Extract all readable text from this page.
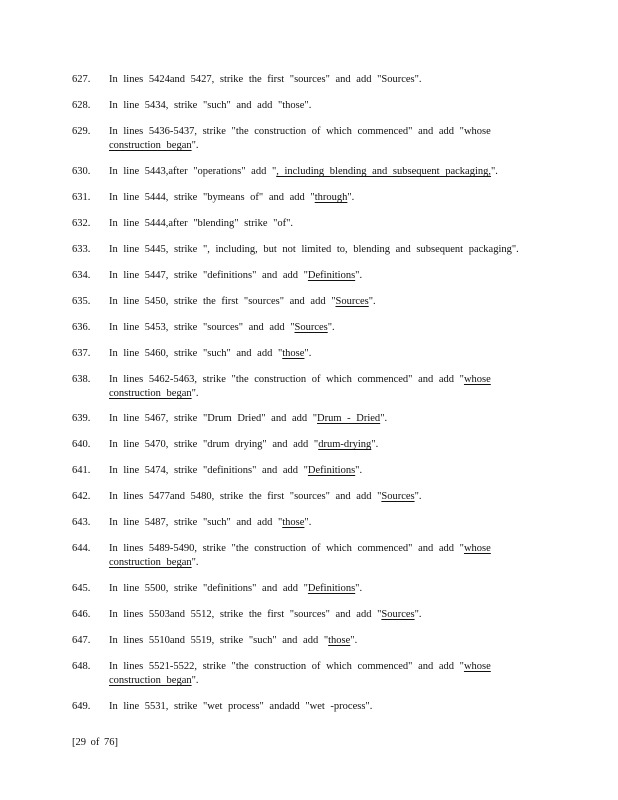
627.	In lines 5424and 5427, strike the first "sources" and add "Sources".
628.	In line 5434, strike "such" and add "those".
629.	In lines 5436-5437, strike "the construction of which commenced" and add "whose
construction began".
630.	In line 5443,after "operations" add ", including blending and subsequent packaging,".
631.	In line 5444, strike "bymeans of" and add "through".
632.	In line 5444,after "blending" strike "of".
633.	In line 5445, strike ", including, but not limited to, blending and subsequent packaging".
634.	In line 5447, strike "definitions" and add "Definitions".
635.	In line 5450, strike the first "sources" and add "Sources".
636.	In line 5453, strike "sources" and add "Sources".
637.	In line 5460, strike "such" and add "those".
638.	In lines 5462-5463, strike "the construction of which commenced" and add "whose
construction began".
639.	In line 5467, strike "Drum Dried" and add "Drum - Dried".
640.	In line 5470, strike "drum drying" and add "drum-drying".
641.	In line 5474, strike "definitions" and add "Definitions".
642.	In lines 5477and 5480, strike the first "sources" and add "Sources".
643.	In line 5487, strike "such" and add "those".
644.	In lines 5489-5490, strike "the construction of which commenced" and add "whose
construction began".
645.	In line 5500, strike "definitions" and add "Definitions".
646.	In lines 5503and 5512, strike the first "sources" and add "Sources".
647.	In lines 5510and 5519, strike "such" and add "those".
648.	In lines 5521-5522, strike "the construction of which commenced" and add "whose
construction began".
649.	In line 5531, strike "wet process" andadd "wet -process".
[29 of 76]
